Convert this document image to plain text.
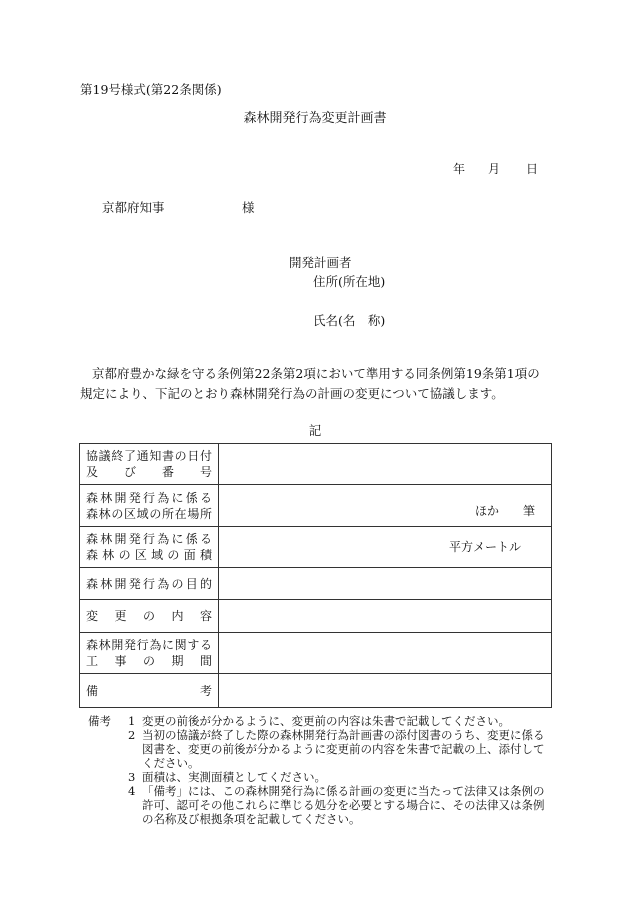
第19号様式(第22条関係)
森林開発行為変更計画書
年 月 日
京都府知事	様
開発計画者
住所(所在地)
氏名(名　称)
京都府豊かな緑を守る条例第22条第2項において準用する同条例第19条第1項の規定により、下記のとおり森林開発行為の計画の変更について協議します。
記
協議終了通知書の日付
及　び　番　号	

森林開発行為に係る
森林の区域の所在場所	ほか　　筆

森林開発行為に係る
森林の区域の面積	平方メートル

森林開発行為の目的	

変　更　の　内　容	

森林開発行為に関する
工　事　の　期　間	

備　　　　考	

備考	1 変更の前後が分かるように、変更前の内容は朱書で記載してください。
2 当初の協議が終了した際の森林開発行為計画書の添付図書のうち、変更に係る図書を、変更の前後が分かるように変更前の内容を朱書で記載の上、添付してください。
3 面積は、実測面積としてください。
4 「備考」には、この森林開発行為に係る計画の変更に当たって法律又は条例の許可、認可その他これらに準じる処分を必要とする場合に、その法律又は条例の名称及び根拠条項を記載してください。
